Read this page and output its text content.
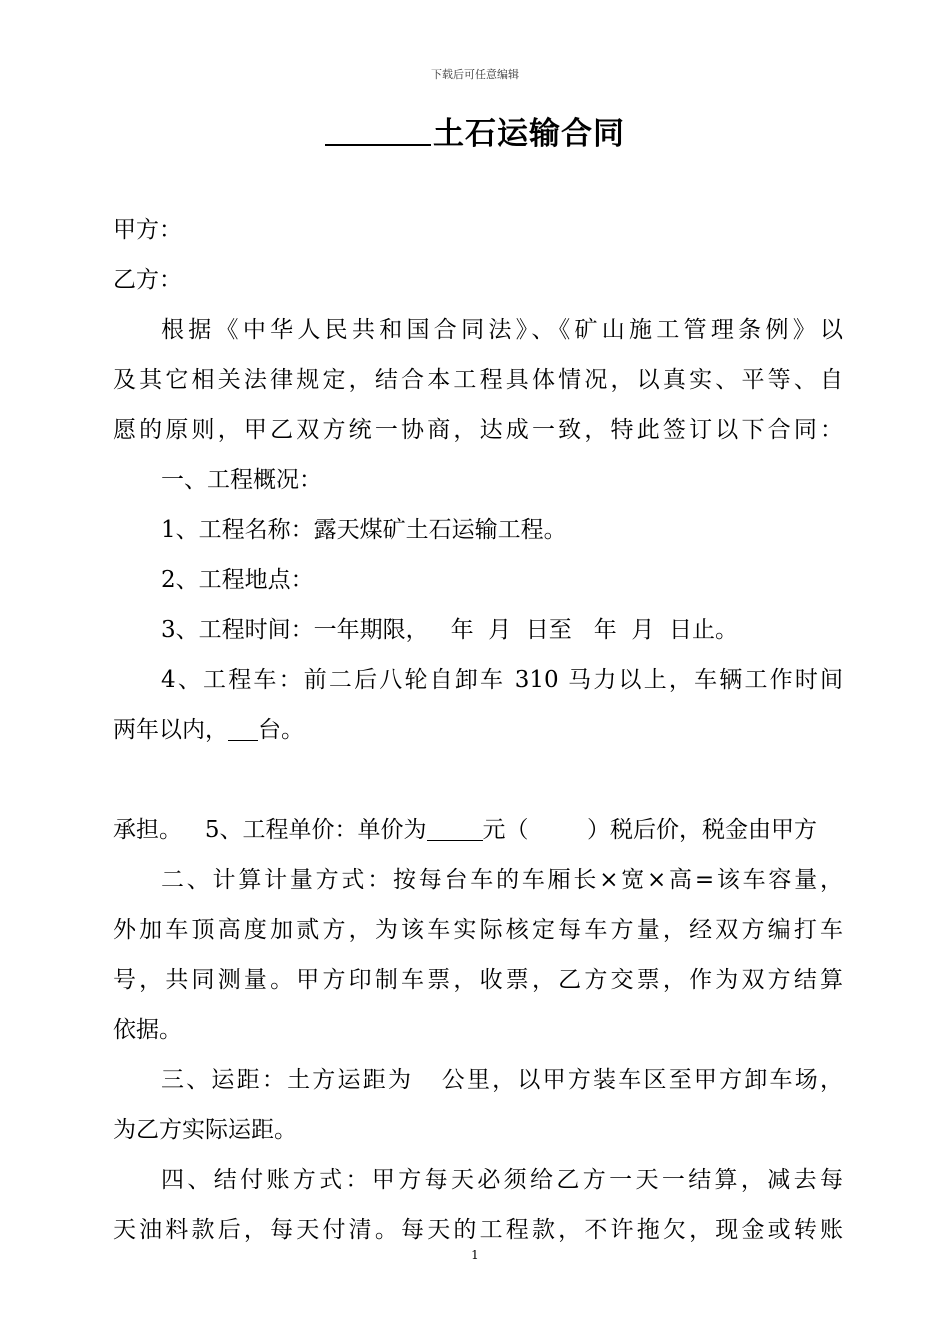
下载后可任意编辑
土石运输合同
甲方：
乙方：
根据《中华人民共和国合同法》、《矿山施工管理条例》以
及其它相关法律规定，结合本工程具体情况，以真实、平等、自
愿的原则，甲乙双方统一协商，达成一致，特此签订以下合同：
一、工程概况：
1、工程名称：露天煤矿土石运输工程。
2、工程地点：
3、工程时间：一年期限，   年  月  日至   年  月  日止。
4、工程车：前二后八轮自卸车 310 马力以上，车辆工作时间
两年以内， 台。

5、工程单价：单价为 元（        ）税后价，税金由甲方

承担。
二、计算计量方式：按每台车的车厢长×宽×高=该车容量，
外加车顶高度加贰方，为该车实际核定每车方量，经双方编打车
号，共同测量。甲方印制车票，收票，乙方交票，作为双方结算
依据。
三、运距：土方运距为   公里，以甲方装车区至甲方卸车场，
为乙方实际运距。
四、结付账方式：甲方每天必须给乙方一天一结算，减去每
天油料款后，每天付清。每天的工程款，不许拖欠，现金或转账
1
